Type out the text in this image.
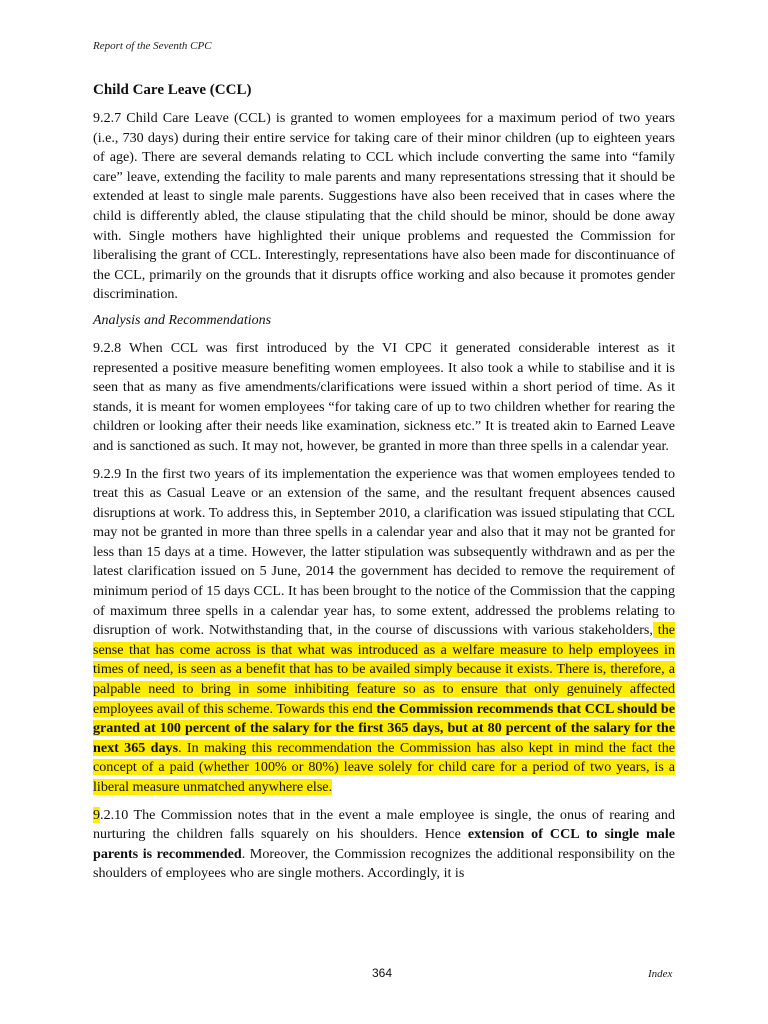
Report of the Seventh CPC
Child Care Leave (CCL)

9.2.7 Child Care Leave (CCL) is granted to women employees for a maximum period of two years (i.e., 730 days) during their entire service for taking care of their minor children (up to eighteen years of age). There are several demands relating to CCL which include converting the same into “family care” leave, extending the facility to male parents and many representations stressing that it should be extended at least to single male parents. Suggestions have also been received that in cases where the child is differently abled, the clause stipulating that the child should be minor, should be done away with. Single mothers have highlighted their unique problems and requested the Commission for liberalising the grant of CCL. Interestingly, representations have also been made for discontinuance of the CCL, primarily on the grounds that it disrupts office working and also because it promotes gender discrimination.

Analysis and Recommendations

9.2.8 When CCL was first introduced by the VI CPC it generated considerable interest as it represented a positive measure benefiting women employees. It also took a while to stabilise and it is seen that as many as five amendments/clarifications were issued within a short period of time. As it stands, it is meant for women employees “for taking care of up to two children whether for rearing the children or looking after their needs like examination, sickness etc.” It is treated akin to Earned Leave and is sanctioned as such. It may not, however, be granted in more than three spells in a calendar year.

9.2.9 In the first two years of its implementation the experience was that women employees tended to treat this as Casual Leave or an extension of the same, and the resultant frequent absences caused disruptions at work. To address this, in September 2010, a clarification was issued stipulating that CCL may not be granted in more than three spells in a calendar year and also that it may not be granted for less than 15 days at a time. However, the latter stipulation was subsequently withdrawn and as per the latest clarification issued on 5 June, 2014 the government has decided to remove the requirement of minimum period of 15 days CCL. It has been brought to the notice of the Commission that the capping of maximum three spells in a calendar year has, to some extent, addressed the problems relating to disruption of work. Notwithstanding that, in the course of discussions with various stakeholders, the sense that has come across is that what was introduced as a welfare measure to help employees in times of need, is seen as a benefit that has to be availed simply because it exists. There is, therefore, a palpable need to bring in some inhibiting feature so as to ensure that only genuinely affected employees avail of this scheme. Towards this end the Commission recommends that CCL should be granted at 100 percent of the salary for the first 365 days, but at 80 percent of the salary for the next 365 days. In making this recommendation the Commission has also kept in mind the fact the concept of a paid (whether 100% or 80%) leave solely for child care for a period of two years, is a liberal measure unmatched anywhere else.

9.2.10 The Commission notes that in the event a male employee is single, the onus of rearing and nurturing the children falls squarely on his shoulders. Hence extension of CCL to single male parents is recommended. Moreover, the Commission recognizes the additional responsibility on the shoulders of employees who are single mothers. Accordingly, it is

364	Index
